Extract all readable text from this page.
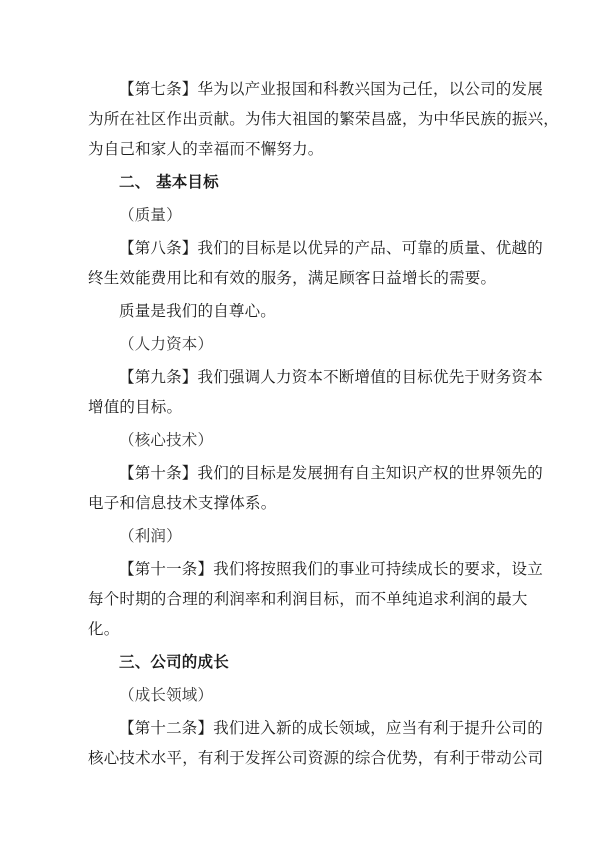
【第七条】华为以产业报国和科教兴国为己任，以公司的发展
为所在社区作出贡献。为伟大祖国的繁荣昌盛，为中华民族的振兴，
为自己和家人的幸福而不懈努力。
二、 基本目标
（质量）
【第八条】我们的目标是以优异的产品、可靠的质量、优越的
终生效能费用比和有效的服务，满足顾客日益增长的需要。
质量是我们的自尊心。
（人力资本）
【第九条】我们强调人力资本不断增值的目标优先于财务资本
增值的目标。
（核心技术）
【第十条】我们的目标是发展拥有自主知识产权的世界领先的
电子和信息技术支撑体系。
（利润）
【第十一条】我们将按照我们的事业可持续成长的要求，设立
每个时期的合理的利润率和利润目标，而不单纯追求利润的最大
化。
三、公司的成长
（成长领域）
【第十二条】我们进入新的成长领域，应当有利于提升公司的
核心技术水平，有利于发挥公司资源的综合优势，有利于带动公司
